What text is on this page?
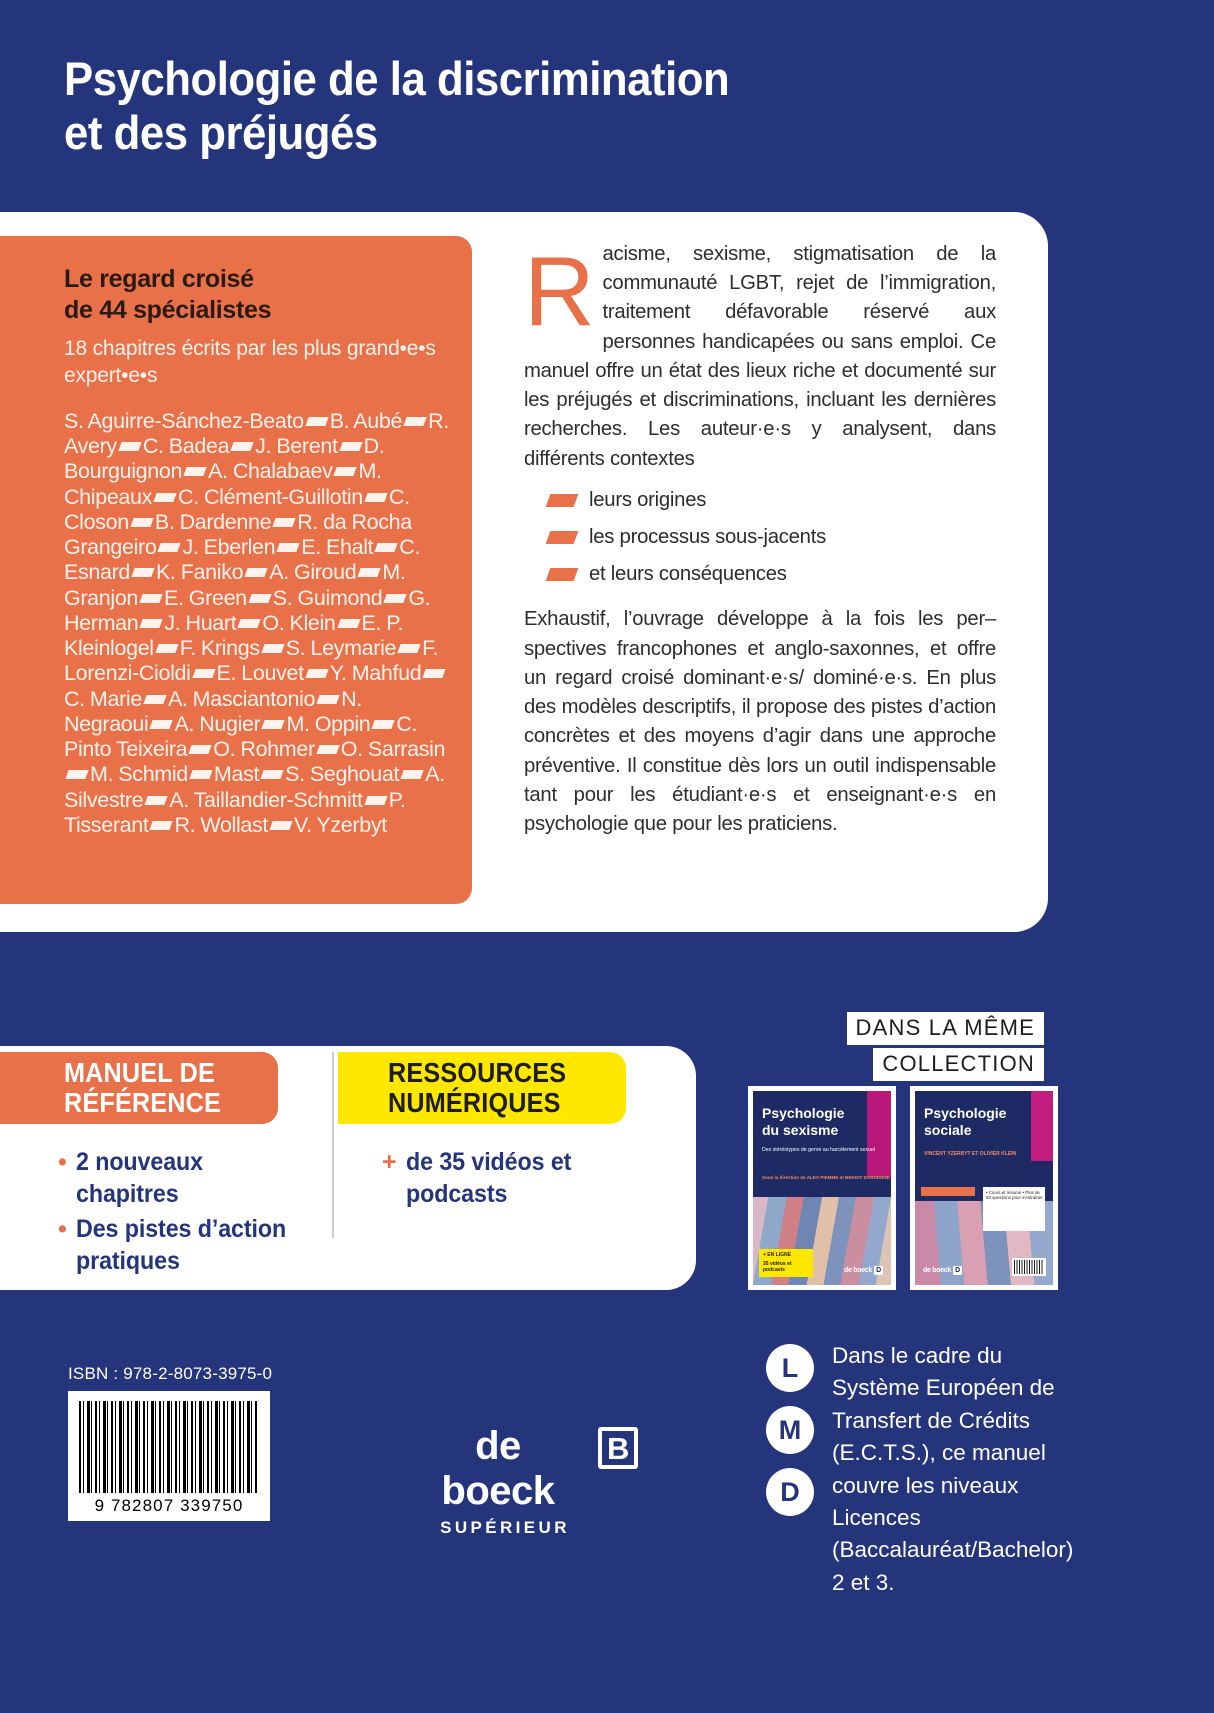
Psychologie de la discrimination
et des préjugés
Le regard croisé
de 44 spécialistes
18 chapitres écrits par les plus grand•e•s expert•e•s
S. Aguirre-Sánchez-Beato B. Aubé R. Avery C. Badea J. Berent D. Bourguignon A. Chalabaev M. Chipeaux C. Clément-Guillotin C. Closon B. Dardenne R. da Rocha Grangeiro J. Eberlen E. Ehalt C. Esnard K. Faniko A. Giroud M. Granjon E. Green S. Guimond G. Herman J. Huart O. Klein E. P. Kleinlogel F. Krings S. Leymarie F. Lorenzi-Cioldi E. Louvet Y. MahfudC. Marie A. Masciantonio N. Negraoui A. Nugier M. Oppin C. Pinto Teixeira O. Rohmer O. SarrasinM. Schmid Mast S. Seghouat A. Silvestre A. Taillandier-Schmitt P. Tisserant R. Wollast V. Yzerbyt
Racisme, sexisme, stigmatisation de la communauté LGBT, rejet de l’immigration, traitement défavorable réservé aux personnes handicapées ou sans emploi. Ce manuel offre un état des lieux riche et documenté sur les préjugés et discriminations, incluant les dernières recherches. Les auteur·e·s y analysent, dans différents contextes
leurs origines
les processus sous-jacents
et leurs conséquences
Exhaustif, l’ouvrage développe à la fois les per–spectives francophones et anglo-saxonnes, et offre un regard croisé dominant·e·s/ dominé·e·s. En plus des modèles descriptifs, il propose des pistes d’action concrètes et des moyens d’agir dans une approche préventive. Il constitue dès lors un outil indispensable tant pour les étudiant·e·s et enseignant·e·s en psychologie que pour les praticiens.
MANUEL DE
RÉFÉRENCE
RESSOURCES
NUMÉRIQUES
• 2 nouveaux chapitres
• Des pistes d’action pratiques
+ de 35 vidéos et podcasts
DANS LA MÊME
COLLECTION
Psychologie
du sexisme
Des stéréotypes de genre au harcèlement sexuel
Sous la direction de ALEX PIEMME et BENOIT DARDENNE
+ EN LIGNE
35 vidéos et podcasts	de boeck D
Psychologie
sociale
VINCENT YZERBYT ET OLIVIER KLEIN
• Cours et résumé • Plus de 50 questions pour s’entraîner
de boeck D
ISBN : 978-2-8073-3975-0
9 782807 339750
de boeck
B
SUPÉRIEUR
L
M
D
Dans le cadre du Système Européen de Transfert de Crédits (E.C.T.S.), ce manuel couvre les niveaux Licences (Baccalauréat/Bachelor) 2 et 3.
